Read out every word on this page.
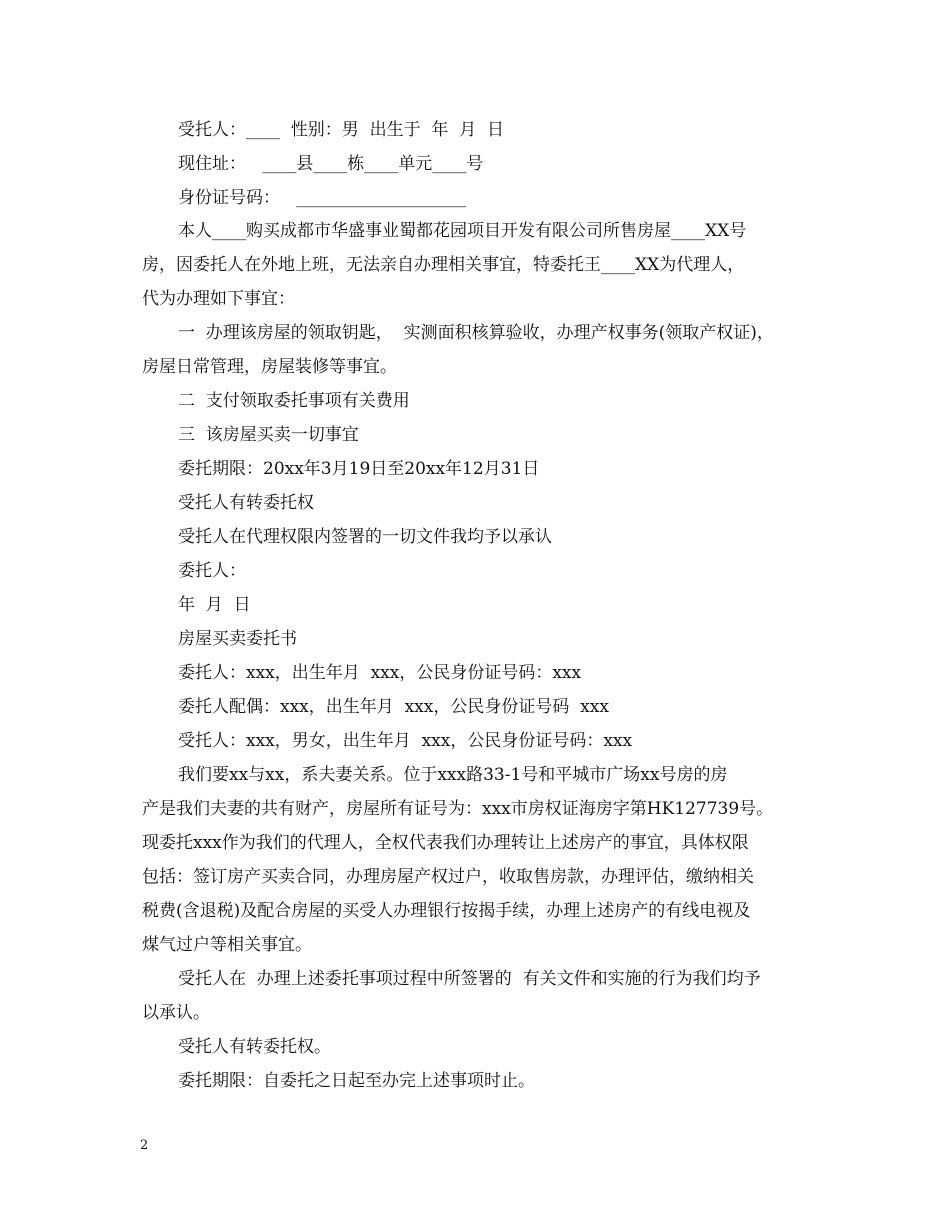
受托人：____  性别：男  出生于  年  月  日
现住址：   ____县____栋____单元____号
身份证号码：   ____________________
本人____购买成都市华盛事业蜀都花园项目开发有限公司所售房屋____XX号
房，因委托人在外地上班，无法亲自办理相关事宜，特委托王____XX为代理人，
代为办理如下事宜：
一  办理该房屋的领取钥匙，  实测面积核算验收，办理产权事务(领取产权证)，
房屋日常管理，房屋装修等事宜。
二  支付领取委托事项有关费用
三  该房屋买卖一切事宜
委托期限：20xx年3月19日至20xx年12月31日
受托人有转委托权
受托人在代理权限内签署的一切文件我均予以承认
委托人：
年  月  日
房屋买卖委托书
委托人：xxx，出生年月  xxx，公民身份证号码：xxx
委托人配偶：xxx，出生年月  xxx，公民身份证号码  xxx
受托人：xxx，男女，出生年月  xxx，公民身份证号码：xxx
我们要xx与xx，系夫妻关系。位于xxx路33-1号和平城市广场xx号房的房
产是我们夫妻的共有财产，房屋所有证号为：xxx市房权证海房字第HK127739号。
现委托xxx作为我们的代理人，全权代表我们办理转让上述房产的事宜，具体权限
包括：签订房产买卖合同，办理房屋产权过户，收取售房款，办理评估，缴纳相关
税费(含退税)及配合房屋的买受人办理银行按揭手续，办理上述房产的有线电视及
煤气过户等相关事宜。
受托人在  办理上述委托事项过程中所签署的  有关文件和实施的行为我们均予
以承认。
受托人有转委托权。
委托期限：自委托之日起至办完上述事项时止。
2
